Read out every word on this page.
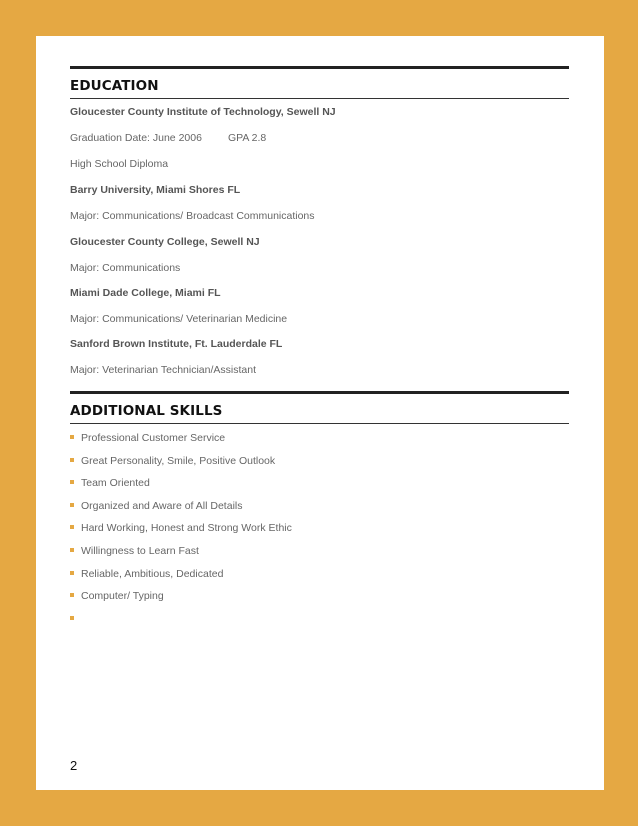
EDUCATION
Gloucester County Institute of Technology, Sewell NJ
Graduation Date: June 2006 GPA 2.8
High School Diploma
Barry University, Miami Shores FL
Major: Communications/ Broadcast Communications
Gloucester County College, Sewell NJ
Major: Communications
Miami Dade College, Miami FL
Major: Communications/ Veterinarian Medicine
Sanford Brown Institute, Ft. Lauderdale FL
Major: Veterinarian Technician/Assistant
ADDITIONAL SKILLS
Professional Customer Service
Great Personality, Smile, Positive Outlook
Team Oriented
Organized and Aware of All Details
Hard Working, Honest and Strong Work Ethic
Willingness to Learn Fast
Reliable, Ambitious, Dedicated
Computer/ Typing
2
